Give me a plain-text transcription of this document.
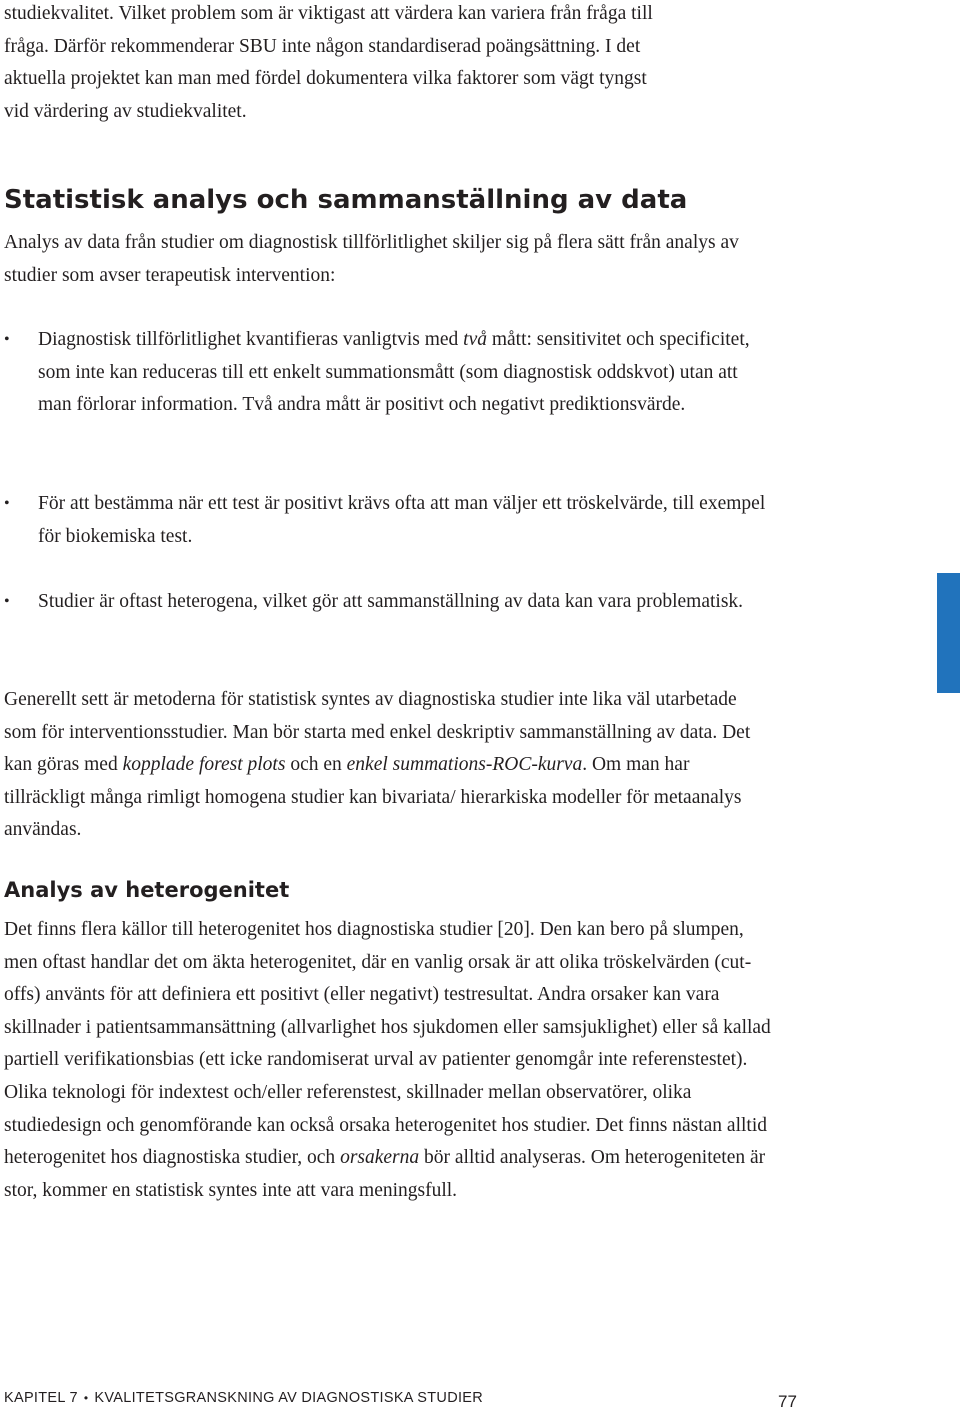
studiekvalitet. Vilket problem som är viktigast att värdera kan variera från fråga till
fråga. Därför rekommenderar SBU inte någon standardiserad poängsättning. I det
aktuella projektet kan man med fördel dokumentera vilka faktorer som vägt tyngst
vid värdering av studiekvalitet.
Statistisk analys och sammanställning av data
Analys av data från studier om diagnostisk tillförlitlighet skiljer sig på flera sätt från analys av studier som avser terapeutisk intervention:
• Diagnostisk tillförlitlighet kvantifieras vanligtvis med två mått: sensitivitet och specificitet, som inte kan reduceras till ett enkelt summationsmått (som diagnostisk oddskvot) utan att man förlorar information. Två andra mått är positivt och negativt prediktionsvärde.
• För att bestämma när ett test är positivt krävs ofta att man väljer ett tröskelvärde, till exempel för biokemiska test.
• Studier är oftast heterogena, vilket gör att sammanställning av data kan vara problematisk.
Generellt sett är metoderna för statistisk syntes av diagnostiska studier inte lika väl utarbetade som för interventionsstudier. Man bör starta med enkel deskriptiv sammanställning av data. Det kan göras med kopplade forest plots och en enkel summations-ROC-kurva. Om man har tillräckligt många rimligt homogena studier kan bivariata/ hierarkiska modeller för metaanalys användas.
Analys av heterogenitet
Det finns flera källor till heterogenitet hos diagnostiska studier [20]. Den kan bero på slumpen, men oftast handlar det om äkta heterogenitet, där en vanlig orsak är att olika tröskelvärden (cut-offs) använts för att definiera ett positivt (eller negativt) testresultat. Andra orsaker kan vara skillnader i patientsammansättning (allvarlighet hos sjukdomen eller samsjuklighet) eller så kallad partiell verifikationsbias (ett icke randomiserat urval av patienter genomgår inte referenstestet). Olika teknologi för indextest och/eller referenstest, skillnader mellan observatörer, olika studiedesign och genomförande kan också orsaka heterogenitet hos studier. Det finns nästan alltid heterogenitet hos diagnostiska studier, och orsakerna bör alltid analyseras. Om heterogeniteten är stor, kommer en statistisk syntes inte att vara meningsfull.
KAPITEL 7 • KVALITETSGRANSKNING AV DIAGNOSTISKA STUDIER	77
